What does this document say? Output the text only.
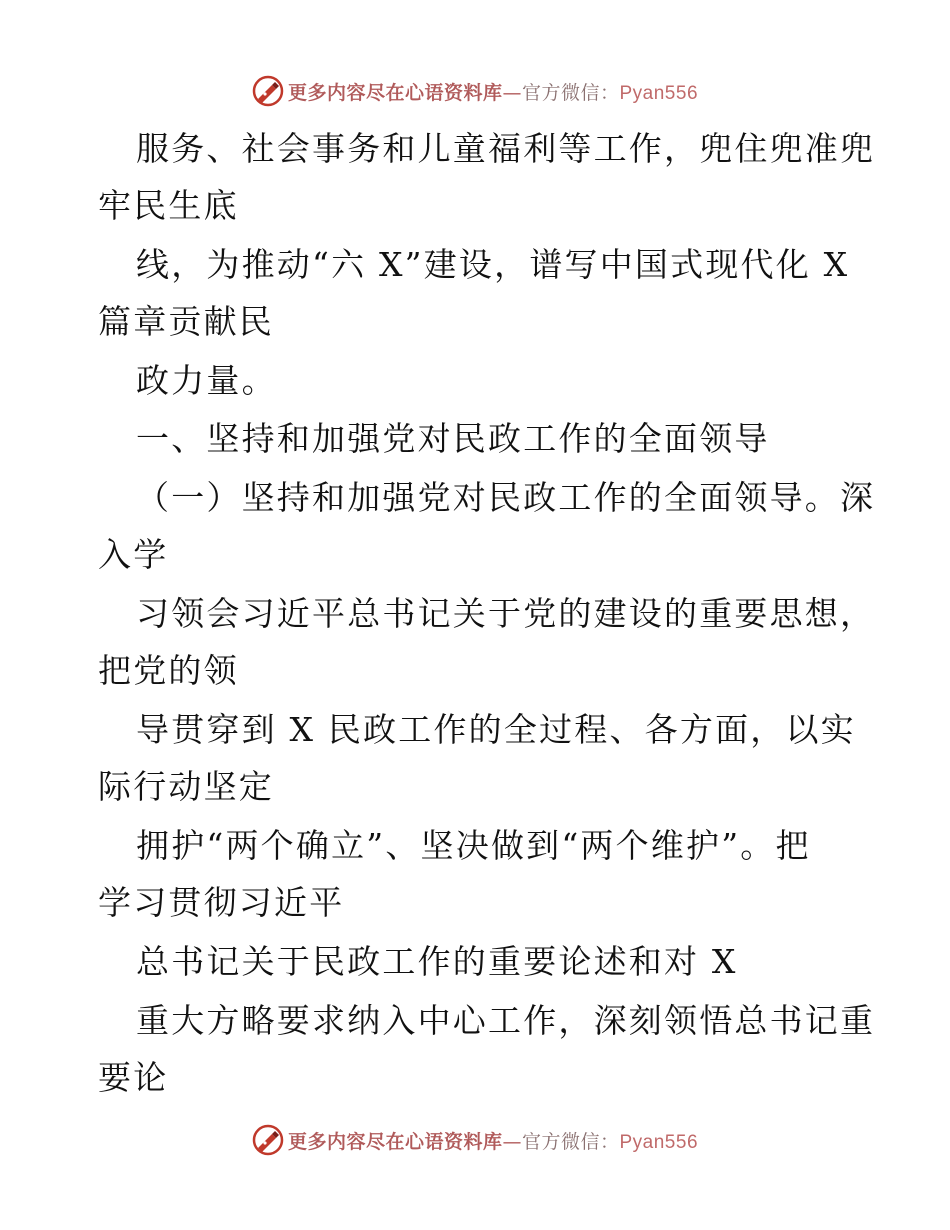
更多内容尽在心语资料库—官方微信：Pyan556
服务、社会事务和儿童福利等工作，兜住兜准兜
牢民生底
线，为推动“六 X”建设，谱写中国式现代化 X
篇章贡献民
政力量。
一、坚持和加强党对民政工作的全面领导
（一）坚持和加强党对民政工作的全面领导。深
入学
习领会习近平总书记关于党的建设的重要思想，
把党的领
导贯穿到 X 民政工作的全过程、各方面，以实
际行动坚定
拥护“两个确立”、坚决做到“两个维护”。把
学习贯彻习近平
总书记关于民政工作的重要论述和对 X
重大方略要求纳入中心工作，深刻领悟总书记重
要论
更多内容尽在心语资料库—官方微信：Pyan556
